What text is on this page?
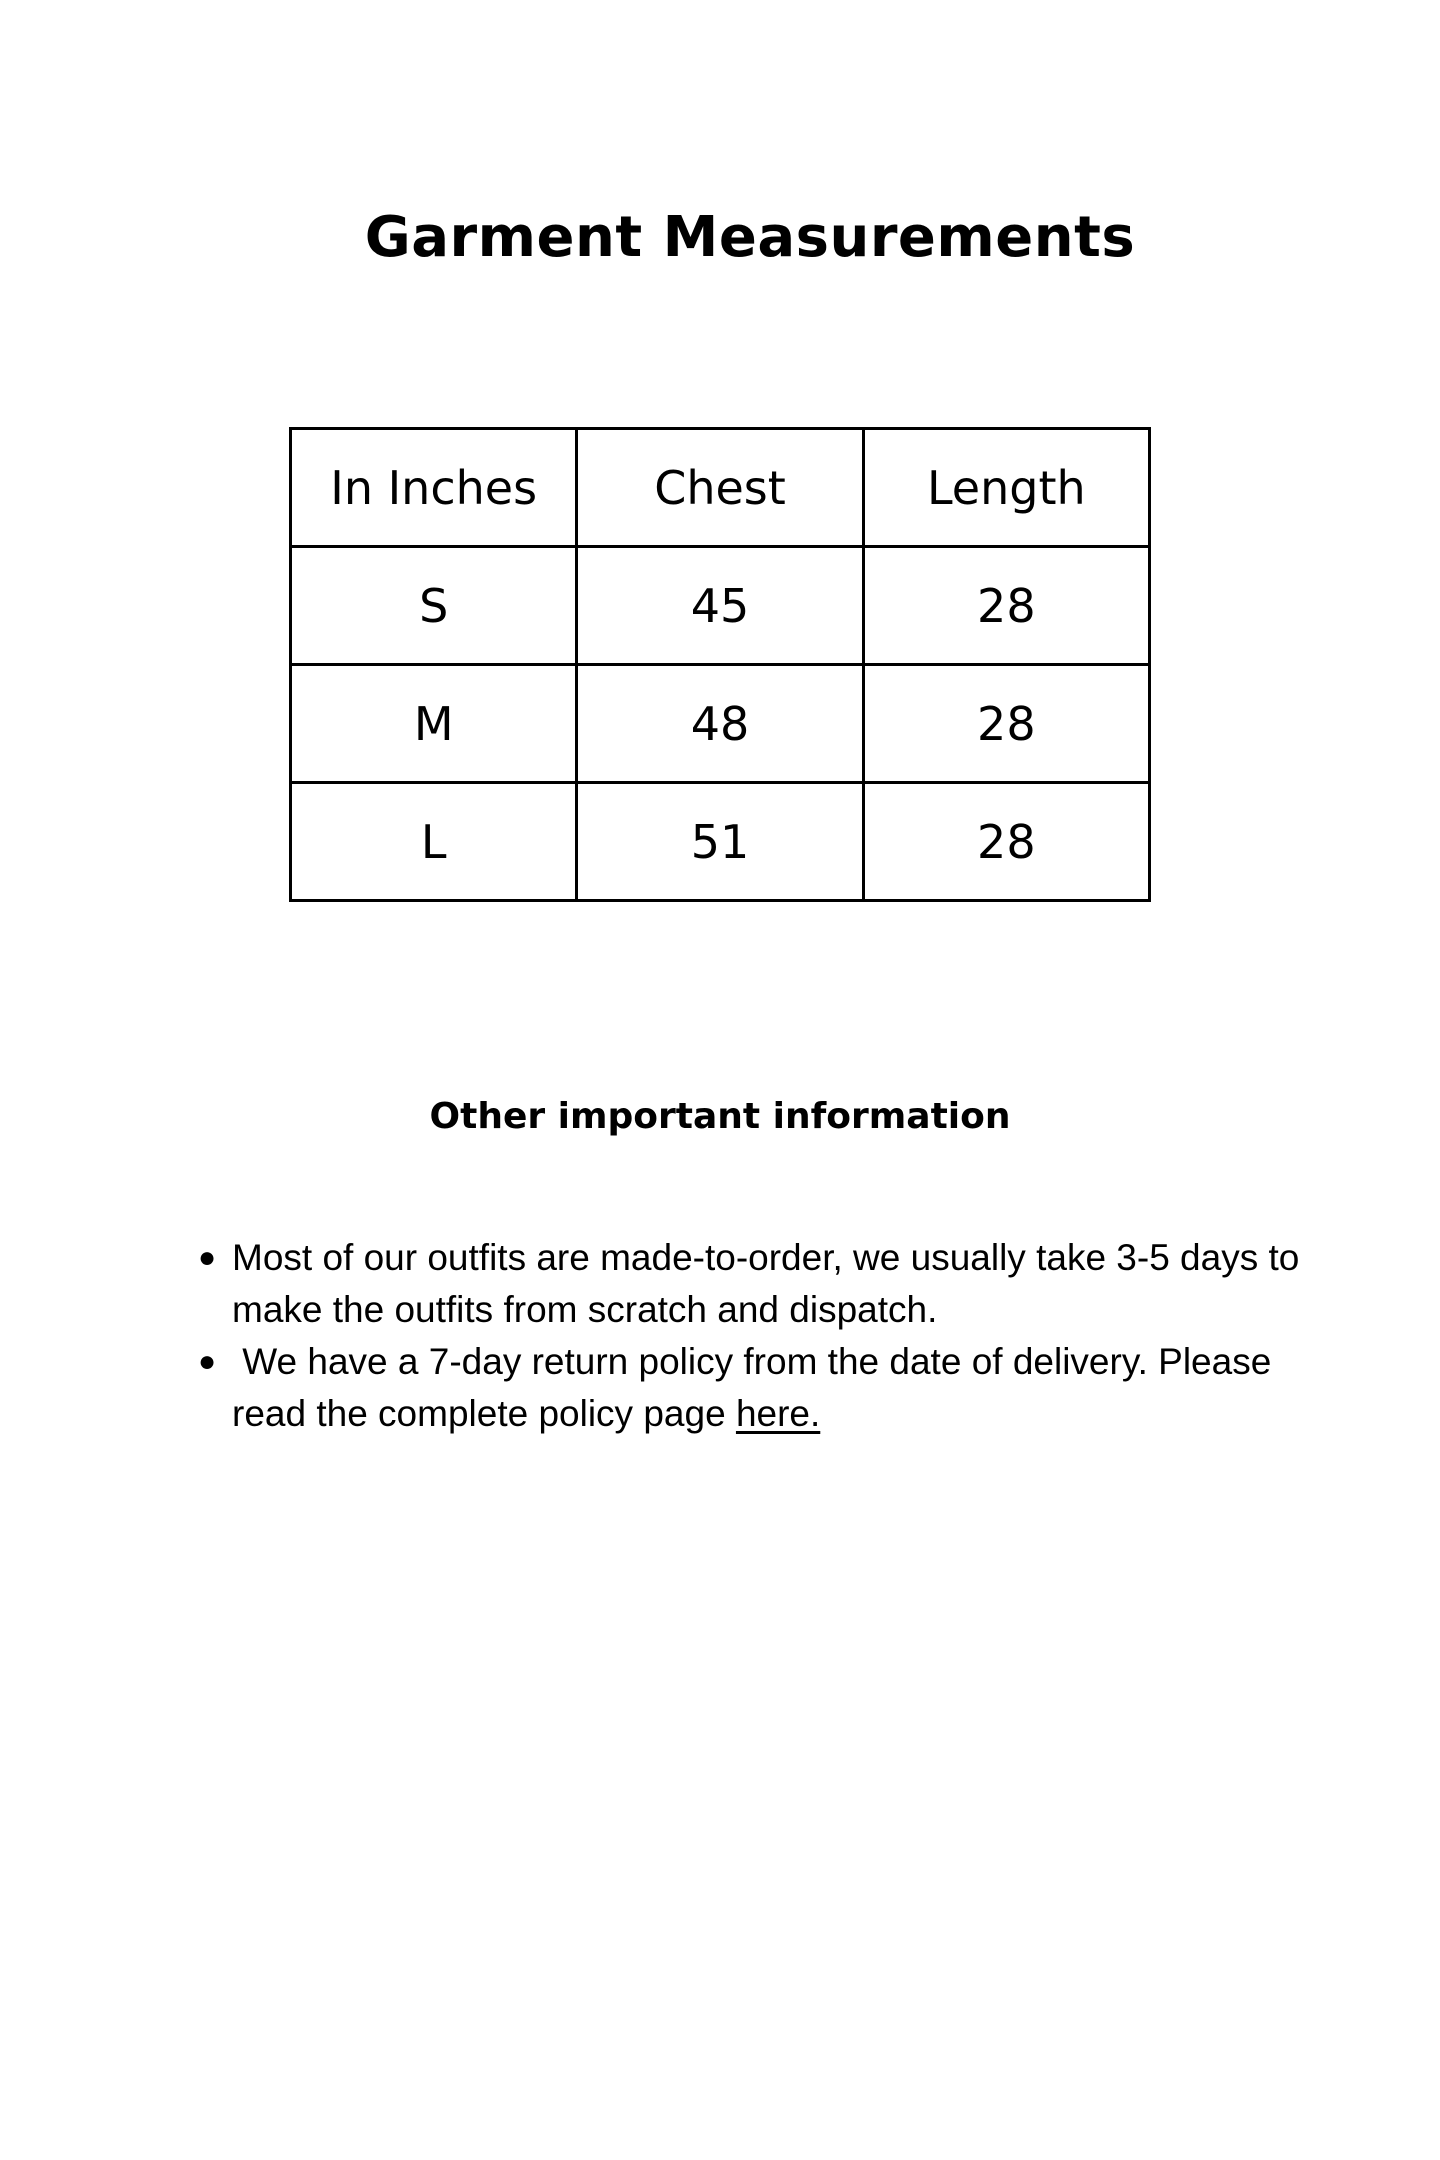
Garment Measurements
In Inches	Chest	Length
S	45	28
M	48	28
L	51	28
Other important information
● Most of our outfits are made-to-order, we usually take 3-5 days to make the outfits from scratch and dispatch.
● We have a 7-day return policy from the date of delivery. Please read the complete policy page here.
